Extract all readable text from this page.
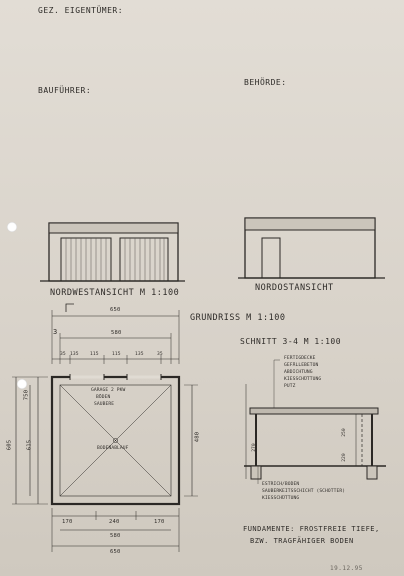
GEZ. EIGENTÜMER:
BAUFÜHRER:
BEHÖRDE:
NORDWESTANSICHT M 1:100	NORDOSTANSICHT
GRUNDRISS M 1:100
SCHNITT 3-4 M 1:100
3
GARAGE 2 PKW
BÖDEN
SAUBERE
BODENABLAUF
650
580
35 135 115	115	135	35
170	240	170
580
650
750
615
605
480
FERTIGDECKE
GEFÄLLEBETON
ABDICHTUNG
KIESSCHÜTTUNG
PUTZ
ESTRICH/BODEN
SAUBERKEITSSCHICHT (SCHOTTER)
KIESSCHÜTTUNG
270
250
220
FUNDAMENTE: FROSTFREIE TIEFE,
BZW. TRAGFÄHIGER BODEN
19.12.95
